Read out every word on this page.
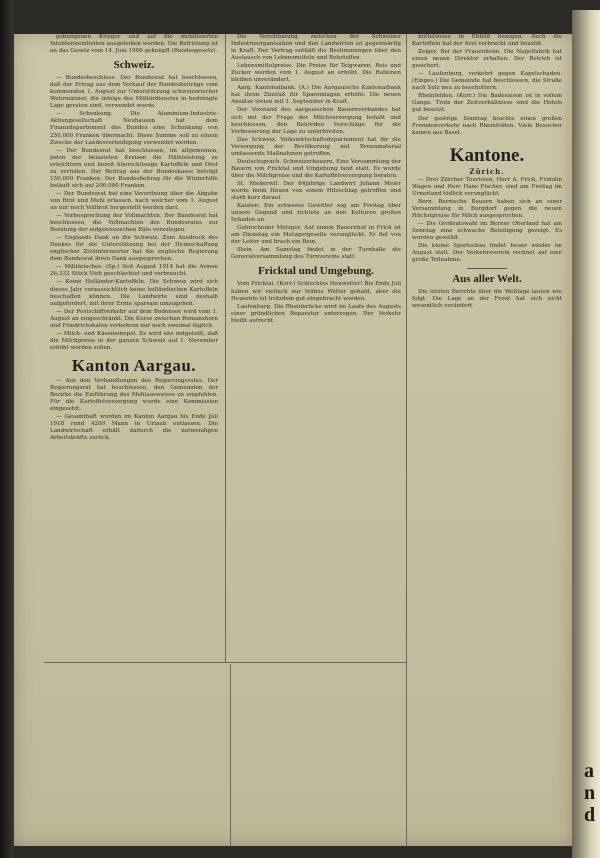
gebungenen Krieger und auf die mobilisierten Infanterieeinheiten ausgehoben werden. Die Befristung ist an das Gesetz vom 14. Juni 1906 geknüpft (Bundesgesetz).

Schweiz.

— Bundesbeschluss. Der Bundesrat hat beschlossen, daß der Ertrag aus dem Verkauf der Bundesbeiträge vom kommenden 1. August zur Unterstützung schweizerischer Wehrmänner, die infolge des Militärdienstes in bedrängte Lage geraten sind, verwendet werde.

— Schenkung. Die Aluminium-Industrie-Aktiengesellschaft Neuhausen hat dem Finanzdepartement des Bundes eine Schenkung von 250,000 Franken übermacht. Diese Summe soll zu einem Zwecke der Landesverteidigung verwendet werden.

— Der Bundesrat hat beschlossen, im allgemeinen, jeden der belasteten Kreisen die Hilfeleistung zu erleichtern und bereit überschüssige Kartoffeln und Obst zu verteilen. Der Beitrag aus der Bundeskasse beträgt 150,000 Franken. Der Bundesbeitrag für die Winterhilfe beläuft sich auf 200,000 Franken.

— Der Bundesrat hat eine Verordnung über die Abgabe von Brot und Mehl erlassen, nach welcher vom 1. August an nur noch Vollbrot hergestellt werden darf.

— Vorbesprechung der Vollmachten. Der Bundesrat hat beschlossen, die Vollmachten des Bundesrates zur Beratung der eidgenössischen Räte vorzulegen.

— Englands Dank an die Schweiz. Zum Ausdruck des Dankes für die Unterstützung bei der Heimschaffung englischer Zivilinternierter hat die englische Regierung dem Bundesrat ihren Dank ausgesprochen.

— Militärisches. (Sp.) Seit August 1914 hat die Armee 26,333 Stück Vieh geschlachtet und verbraucht.

— Keine Holländer-Kartoffeln. Die Schweiz wird sich dieses Jahr voraussichtlich keine holländischen Kartoffeln beschaffen können. Die Landwirte sind deshalb aufgefordert, mit ihrer Ernte sparsam umzugehen.

— Der Postschiffverkehr auf dem Bodensee wird vom 1. August an eingeschränkt. Die Kurse zwischen Romanshorn und Friedrichshafen verkehren nur noch zweimal täglich.

— Milch- und Käsemonopol. Es wird uns mitgeteilt, daß die Milchpreise in der ganzen Schweiz auf 1. November erhöht werden sollen.

Kanton Aargau.

— Aus den Verhandlungen des Regierungsrates. Der Regierungsrat hat beschlossen, den Gemeinden der Bezirke die Einführung des Mehlausweises zu empfehlen. Für die Kartoffelversorgung wurde eine Kommission eingesetzt.

— Gesamthaft wurden im Kanton Aargau bis Ende Juli 1918 rund 4200 Mann in Urlaub entlassen. Die Landwirtschaft erhält dadurch die notwendigen Arbeitskräfte zurück.

Die Vereinbarung zwischen der Schweizer Industrieorganisation und den Landwirten ist gegenwärtig in Kraft. Der Vertrag enthält die Bestimmungen über den Austausch von Lebensmitteln und Rohstoffen.

Lebensmittelpreise. Die Preise für Teigwaren, Reis und Zucker werden vom 1. August an erhöht. Die Rationen bleiben unverändert.

Aarg. Kantonalbank. (A.) Die Aargauische Kantonalbank hat ihren Zinsfuß für Spareinlagen erhöht. Die neuen Ansätze treten mit 1. September in Kraft.

Der Vorstand des aargauischen Bauernverbandes hat sich mit der Frage der Milchversorgung befaßt und beschlossen, den Behörden Vorschläge für die Verbesserung der Lage zu unterbreiten.

Das Schweiz. Volkswirtschaftsdepartement hat für die Versorgung der Bevölkerung mit Brennmaterial umfassende Maßnahmen getroffen.

Deutschsprach. Schweizerbauern. Eine Versammlung der Bauern von Fricktal und Umgebung fand statt. Es wurde über die Milchpreise und die Kartoffelversorgung beraten.

St. Niederwil. Der 64jährige Landwirt Johann Meier wurde beim Heuen von einem Hitzschlag getroffen und starb kurz darauf.

Kaisten. Ein schweres Gewitter zog am Freitag über unsere Gegend und richtete an den Kulturen großen Schaden an.

Gebrochener Metzger. Auf einem Bauernhof in Frick ist am Dienstag ein Metzgergeselle verunglückt. Er fiel von der Leiter und brach ein Bein.

Stein. Am Samstag findet in der Turnhalle die Generalversammlung des Turnvereins statt.

Fricktal und Umgebung.

Vom Fricktal. (Korr.) Schlechtes Heuwetter! Bis Ende Juli haben wir vielfach nur trübes Wetter gehabt, aber die Heuernte ist trotzdem gut eingebracht worden.

Laufenburg. Die Rheinbrücke wird im Laufe des Augusts einer gründlichen Reparatur unterzogen. Der Verkehr bleibt aufrecht.

mittelweise in Ebfeld bezogen. Auch die Kartoffeln hat der Arzt verbracht und bezahlt.

Zeiger. Bei der Frauenheim. Die Nagelfabrik hat einen neuen Direktor erhalten. Der Betrieb ist gesichert.

— Laufenburg, verkehrt gegen Kapelschaden. (Einges.) Die Gemeinde hat beschlossen, die Straße nach Sulz neu zu beschottern.

Rheinfelden. (Korr.) Die Badesaison ist in vollem Gange. Trotz der Zeitverhältnisse sind die Hotels gut besetzt.

Der gestrige Sonntag brachte einen großen Fremdenverkehr nach Rheinfelden. Viele Besucher kamen aus Basel.

Kantone.
Zürich.

— Drei Zürcher Touristen, Herr A. Frick, Fridolin Wagen und Herr Hans Fischer, sind am Freitag im Urnerland tödlich verunglückt.

Bern. Bernische Bauern haben sich an einer Versammlung in Burgdorf gegen die neuen Höchstpreise für Milch ausgesprochen.

— Die Großratswahl im Berner Oberland hat am Sonntag eine schwache Beteiligung gezeigt. Es wurden gewählt.

Die kleine Sportschau findet heuer wieder im August statt. Der Verkehrsverein rechnet auf eine große Teilnahme.

Aus aller Welt.

Die letzten Berichte über die Weltlage lauten wie folgt: Die Lage an der Front hat sich nicht wesentlich verändert.

a
n
d
